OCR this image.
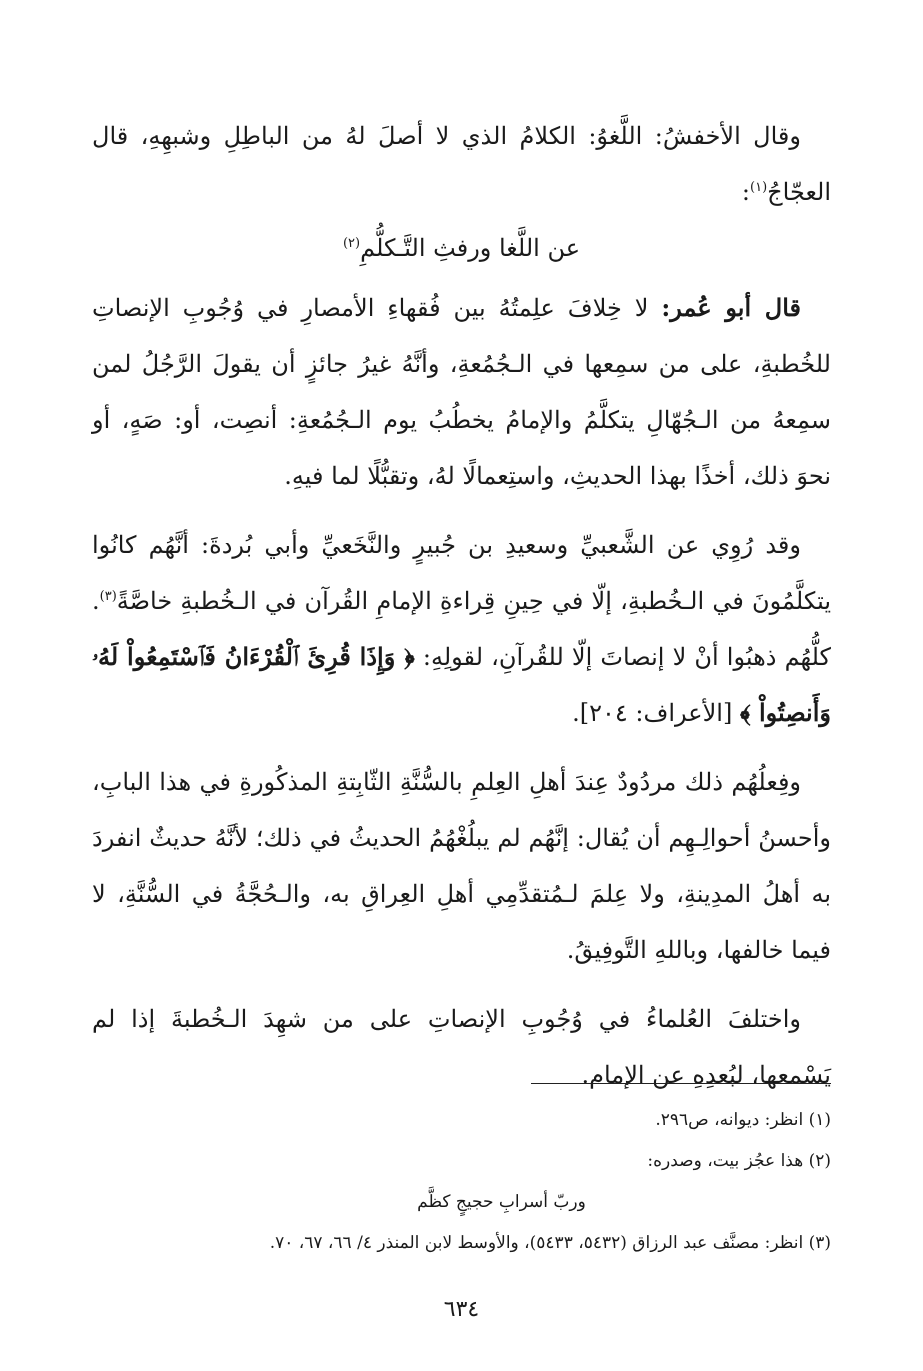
وقال الأخفشُ: اللَّغوُ: الكلامُ الذي لا أصلَ لهُ من الباطِلِ وشبهِهِ، قال العجّاجُ$^{(١)}$:

عن اللَّغا ورفثِ التَّـكلُّمِ$^{(٢)}$

قال أبو عُمر: لا خِلافَ علِمتُهُ بين فُقهاءِ الأمصارِ في وُجُوبِ الإنصاتِ للخُطبةِ، على من سمِعها في الـجُمُعةِ، وأنَّهُ غيرُ جائزٍ أن يقولَ الرَّجُلُ لمن سمِعهُ من الـجُهّالِ يتكلَّمُ والإمامُ يخطُبُ يوم الـجُمُعةِ: أنصِت، أو: صَهٍ، أو نحوَ ذلك، أخذًا بهذا الحديثِ، واستِعمالًا لهُ، وتقبُّلًا لما فيهِ.

وقد رُوِي عن الشَّعبيِّ وسعيدِ بن جُبيرٍ والنَّخَعيِّ وأبي بُردةَ: أنَّهُم كانُوا يتكلَّمُونَ في الـخُطبةِ، إلّا في حِينِ قِراءةِ الإمامِ القُرآن في الـخُطبةِ خاصَّةً$^{(٣)}$. كلُّهُم ذهبُوا أنْ لا إنصاتَ إلّا للقُرآنِ، لقولِهِ: ﴿ وَإِذَا قُرِئَ ٱلْقُرْءَانُ فَٱسْتَمِعُواْ لَهُۥ وَأَنصِتُواْ ﴾ [الأعراف: ٢٠٤].

وفِعلُهُم ذلك مردُودٌ عِندَ أهلِ العِلمِ بالسُّنَّةِ الثّابِتةِ المذكُورةِ في هذا البابِ، وأحسنُ أحوالِـهِم أن يُقال: إنَّهُم لم يبلُغْهُمُ الحديثُ في ذلك؛ لأنَّهُ حديثٌ انفردَ به أهلُ المدِينةِ، ولا عِلمَ لـمُتقدِّمِي أهلِ العِراقِ به، والـحُجَّةُ في السُّنَّةِ، لا فيما خالفها، وباللهِ التَّوفِيقُ.

واختلفَ العُلماءُ في وُجُوبِ الإنصاتِ على من شهِدَ الـخُطبةَ إذا لم يَسْمعها، لبُعدِهِ عن الإمام.

(١) انظر: ديوانه، ص٢٩٦.

(٢) هذا عجُز بيت، وصدره:

وربّ أسرابِ حجيجٍ كظَّم

(٣) انظر: مصنَّف عبد الرزاق (٥٤٣٢، ٥٤٣٣)، والأوسط لابن المنذر ٤/ ٦٦، ٦٧، ٧٠.

٦٣٤
